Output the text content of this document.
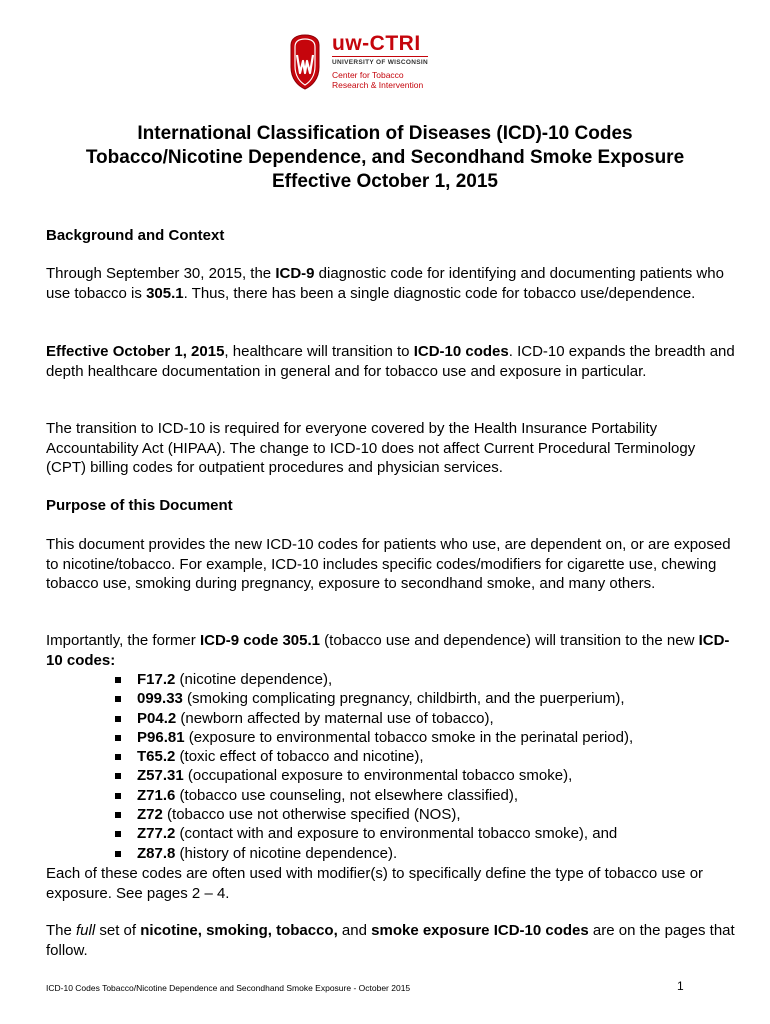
uw-CTRI
UNIVERSITY OF WISCONSIN
Center for Tobacco
Research & Intervention
International Classification of Diseases (ICD)-10 Codes
Tobacco/Nicotine Dependence, and Secondhand Smoke Exposure
Effective October 1, 2015
Background and Context

Through September 30, 2015, the ICD-9 diagnostic code for identifying and documenting patients who use tobacco is 305.1. Thus, there has been a single diagnostic code for tobacco use/dependence.

Effective October 1, 2015, healthcare will transition to ICD-10 codes. ICD-10 expands the breadth and depth healthcare documentation in general and for tobacco use and exposure in particular.

The transition to ICD-10 is required for everyone covered by the Health Insurance Portability Accountability Act (HIPAA). The change to ICD-10 does not affect Current Procedural Terminology (CPT) billing codes for outpatient procedures and physician services.

Purpose of this Document

This document provides the new ICD-10 codes for patients who use, are dependent on, or are exposed to nicotine/tobacco. For example, ICD-10 includes specific codes/modifiers for cigarette use, chewing tobacco use, smoking during pregnancy, exposure to secondhand smoke, and many others.

Importantly, the former ICD-9 code 305.1 (tobacco use and dependence) will transition to the new ICD-10 codes:

F17.2 (nicotine dependence),
099.33 (smoking complicating pregnancy, childbirth, and the puerperium),
P04.2 (newborn affected by maternal use of tobacco),
P96.81 (exposure to environmental tobacco smoke in the perinatal period),
T65.2 (toxic effect of tobacco and nicotine),
Z57.31 (occupational exposure to environmental tobacco smoke),
Z71.6 (tobacco use counseling, not elsewhere classified),
Z72 (tobacco use not otherwise specified (NOS),
Z77.2 (contact with and exposure to environmental tobacco smoke), and
Z87.8 (history of nicotine dependence).

Each of these codes are often used with modifier(s) to specifically define the type of tobacco use or exposure. See pages 2 – 4.

The full set of nicotine, smoking, tobacco, and smoke exposure ICD-10 codes are on the pages that follow.

ICD-10 Codes Tobacco/Nicotine Dependence and Secondhand Smoke Exposure - October 2015	1
